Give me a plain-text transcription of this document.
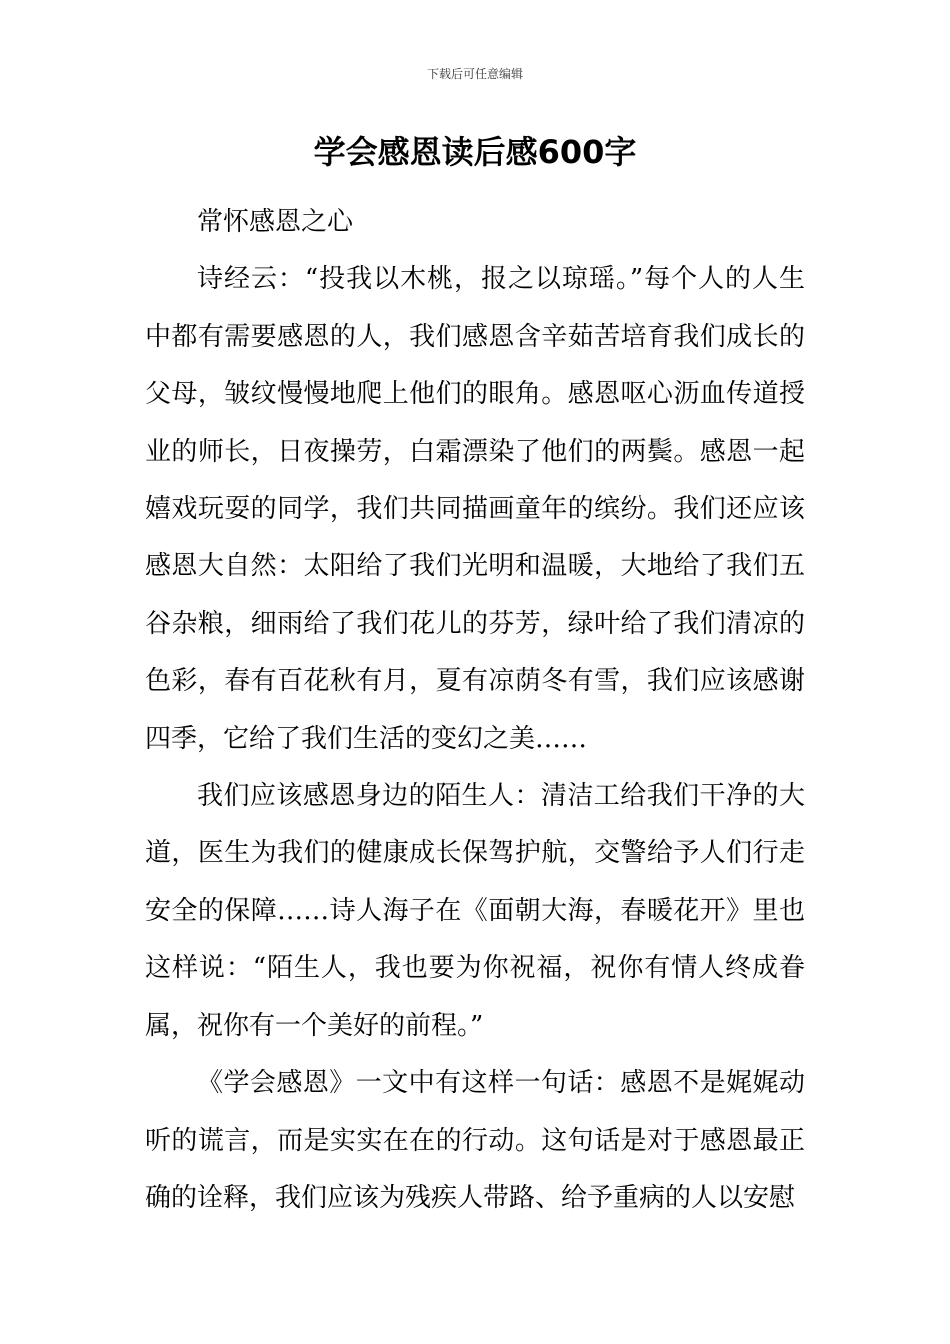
下载后可任意编辑
学会感恩读后感600字

常怀感恩之心

诗经云：“投我以木桃，报之以琼瑶。”每个人的人生中都有需要感恩的人，我们感恩含辛茹苦培育我们成长的父母，皱纹慢慢地爬上他们的眼角。感恩呕心沥血传道授业的师长，日夜操劳，白霜漂染了他们的两鬓。感恩一起嬉戏玩耍的同学，我们共同描画童年的缤纷。我们还应该感恩大自然：太阳给了我们光明和温暖，大地给了我们五谷杂粮，细雨给了我们花儿的芬芳，绿叶给了我们清凉的色彩，春有百花秋有月，夏有凉荫冬有雪，我们应该感谢四季，它给了我们生活的变幻之美……

我们应该感恩身边的陌生人：清洁工给我们干净的大道，医生为我们的健康成长保驾护航，交警给予人们行走安全的保障……诗人海子在《面朝大海，春暖花开》里也这样说：“陌生人，我也要为你祝福，祝你有情人终成眷属，祝你有一个美好的前程。”

《学会感恩》一文中有这样一句话：感恩不是娓娓动听的谎言，而是实实在在的行动。这句话是对于感恩最正确的诠释，我们应该为残疾人带路、给予重病的人以安慰
